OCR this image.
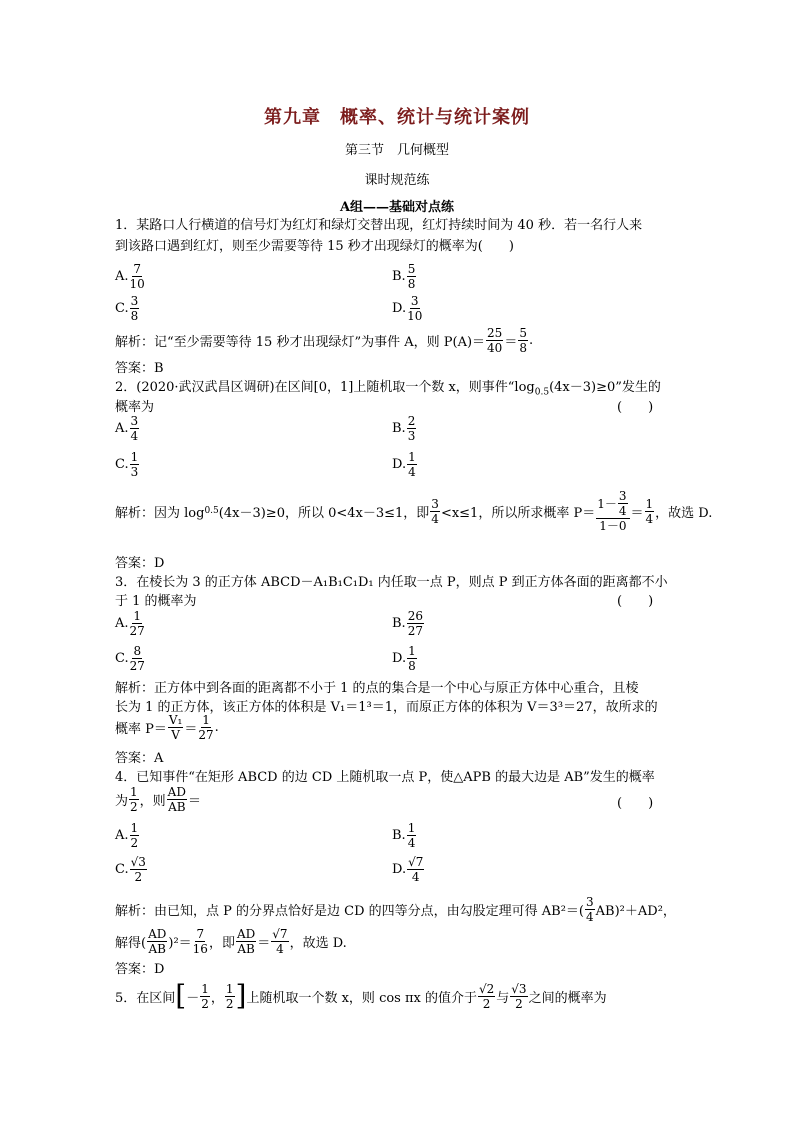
第九章　概率、统计与统计案例
第三节　几何概型
课时规范练
A组——基础对点练
1．某路口人行横道的信号灯为红灯和绿灯交替出现，红灯持续时间为 40 秒．若一名行人来
到该路口遇到红灯，则至少需要等待 15 秒才出现绿灯的概率为(　　)
A. $\frac{7}{10}$	B. $\frac{5}{8}$
C. $\frac{3}{8}$	D. $\frac{3}{10}$
解析：记“至少需要等待 15 秒才出现绿灯”为事件 A，则 $P(A)= \frac{25}{40} = \frac{5}{8}$ .
答案：B
2．(2020·武汉武昌区调研)在区间[0，1]上随机取一个数 x，则事件“$\log_{0.5}(4x-3)\ge 0$”发生的
概率为	(　　)
A. $\frac{3}{4}$	B. $\frac{2}{3}$
C. $\frac{1}{3}$	D. $\frac{1}{4}$
解析：因为 log 0.5 (4x－3)≥0，所以 0<4x－3≤1，即 $\frac{3}{4} <x\le 1$，所以所求概率 $P= \frac{1- \frac{3}{4}}{1-0} = \frac{1}{4}$ ，故选 D.
答案：D
3．在棱长为 3 的正方体 ABCD－A₁B₁C₁D₁ 内任取一点 P，则点 P 到正方体各面的距离都不小
于 1 的概率为	(　　)
A. $\frac{1}{27}$	B. $\frac{26}{27}$
C. $\frac{8}{27}$	D. $\frac{1}{8}$
解析：正方体中到各面的距离都不小于 1 的点的集合是一个中心与原正方体中心重合，且棱
长为 1 的正方体，该正方体的体积是 V₁＝1³＝1，而原正方体的体积为 V＝3³＝27，故所求的
概率 $P= \frac{\text{V₁}}{V} = \frac{1}{27}$ .
答案：A
4．已知事件“在矩形 ABCD 的边 CD 上随机取一点 P，使△APB 的最大边是 AB”发生的概率
为 $\frac{1}{2}$ ，则 $\frac{AD}{AB}$ ＝	(　　)
A. $\frac{1}{2}$	B. $\frac{1}{4}$
C. $\frac{√3}{2}$	D. $\frac{√7}{4}$
解析：由已知，点 P 的分界点恰好是边 CD 的四等分点，由勾股定理可得 $AB^2=( \frac{3}{4} AB)^2+AD^2$，
解得( $\frac{AD}{AB} )^2= \frac{7}{16}$ ，即 $\frac{AD}{AB} = \frac{√7}{4}$ ，故选 D.
答案：D
5．在区间 [ － $\frac{1}{2}$ ， $\frac{1}{2}$ ] 上随机取一个数 x，则 cos πx 的值介于 $\frac{√2}{2}$ 与 $\frac{√3}{2}$ 之间的概率为
